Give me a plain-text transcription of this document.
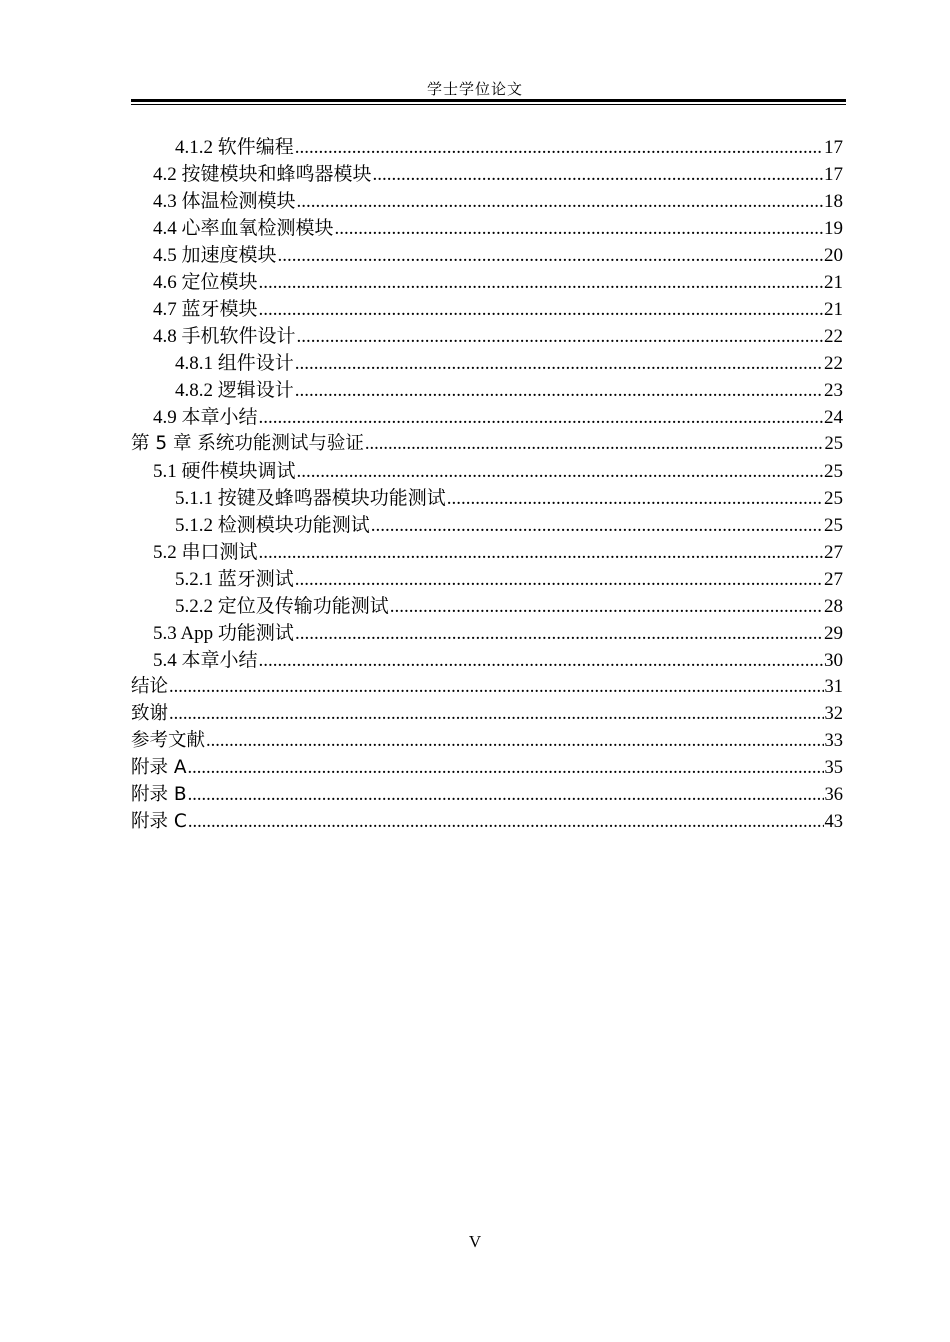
学士学位论文
4.1.2 软件编程 .....	17
4.2 按键模块和蜂鸣器模块 .....	17
4.3 体温检测模块 .....	18
4.4 心率血氧检测模块 .....	19
4.5 加速度模块 .....	20
4.6 定位模块 .....	21
4.7 蓝牙模块 .....	21
4.8 手机软件设计 .....	22
4.8.1 组件设计 .....	22
4.8.2 逻辑设计 .....	23
4.9 本章小结 .....	24
第 5 章 系统功能测试与验证 .....	25
5.1 硬件模块调试 .....	25
5.1.1 按键及蜂鸣器模块功能测试 .....	25
5.1.2 检测模块功能测试 .....	25
5.2 串口测试 .....	27
5.2.1 蓝牙测试 .....	27
5.2.2 定位及传输功能测试 .....	28
5.3 App 功能测试 .....	29
5.4 本章小结 .....	30
结论 .....	31
致谢 .....	32
参考文献 .....	33
附录 A .....	35
附录 B .....	36
附录 C .....	43
V
